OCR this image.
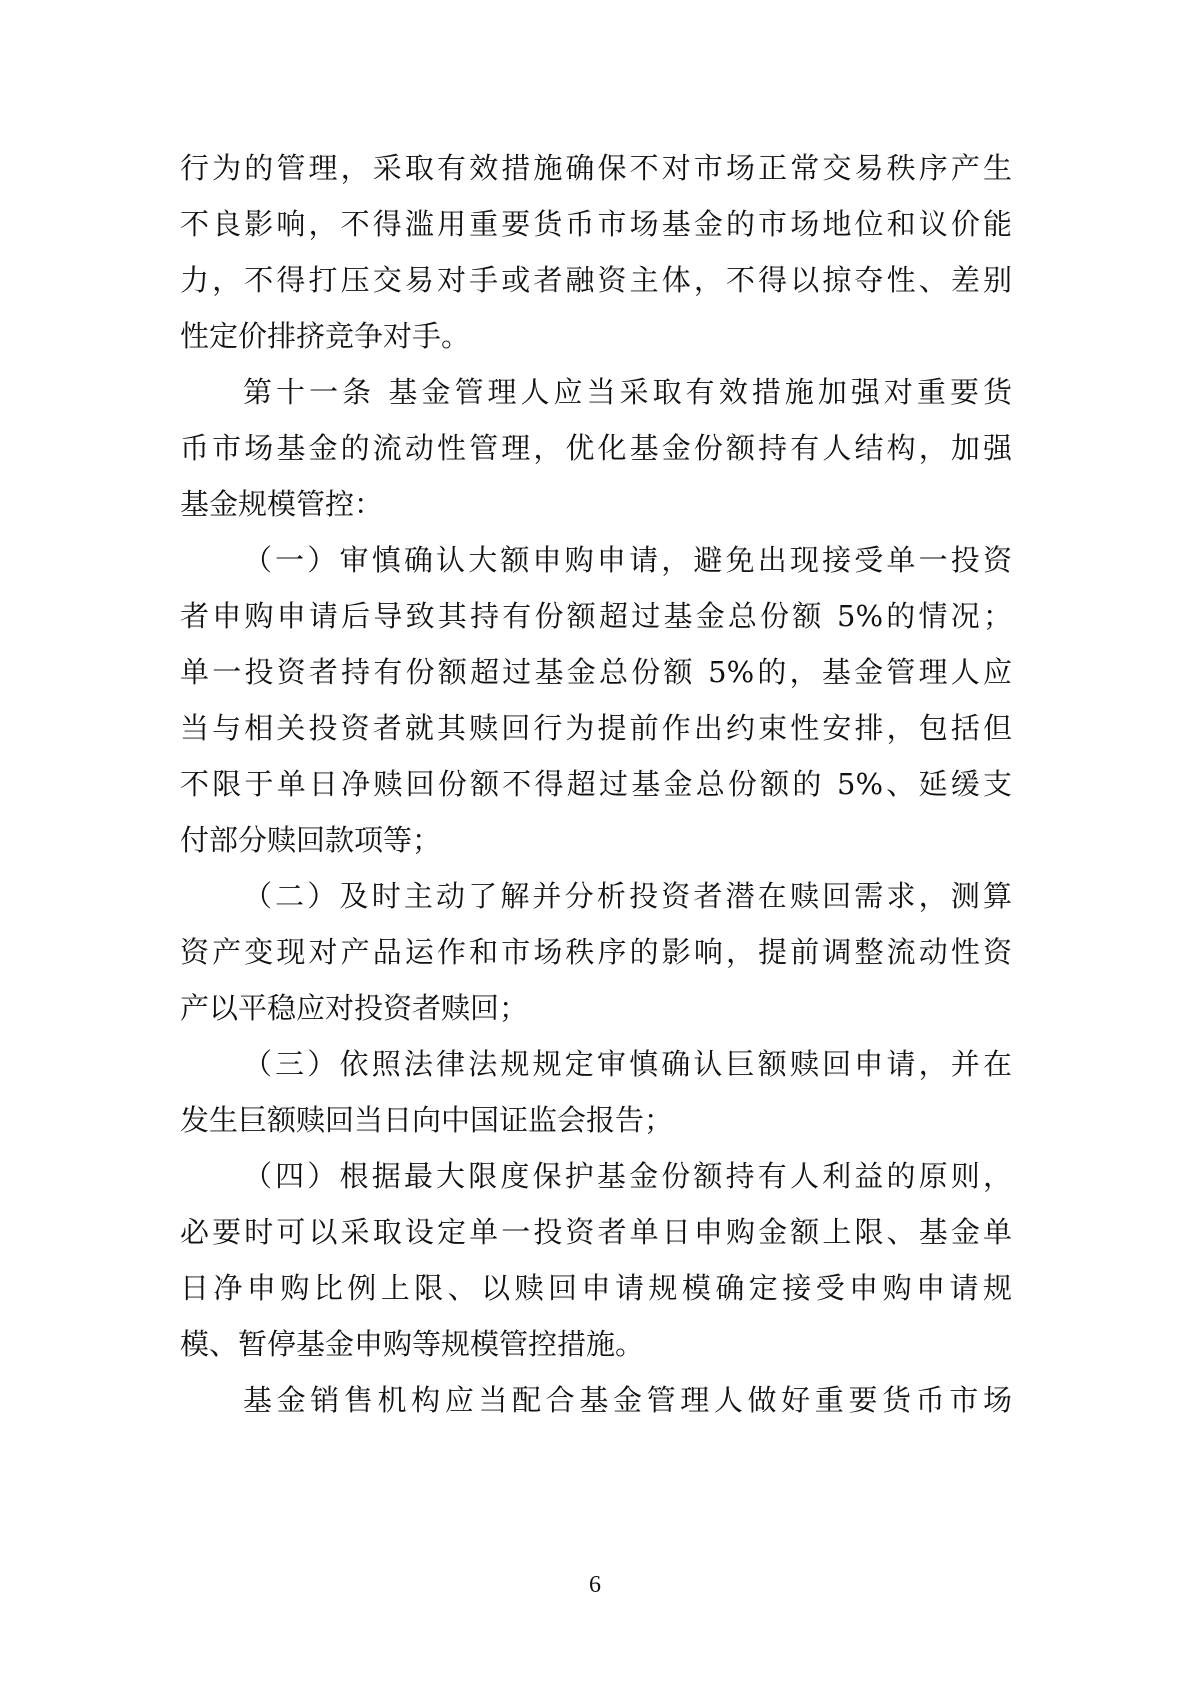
行为的管理，采取有效措施确保不对市场正常交易秩序产生
不良影响，不得滥用重要货币市场基金的市场地位和议价能
力，不得打压交易对手或者融资主体，不得以掠夺性、差别
性定价排挤竞争对手。
第十一条 基金管理人应当采取有效措施加强对重要货
币市场基金的流动性管理，优化基金份额持有人结构，加强
基金规模管控：
（一）审慎确认大额申购申请，避免出现接受单一投资
者申购申请后导致其持有份额超过基金总份额 5%的情况；
单一投资者持有份额超过基金总份额 5%的，基金管理人应
当与相关投资者就其赎回行为提前作出约束性安排，包括但
不限于单日净赎回份额不得超过基金总份额的 5%、延缓支
付部分赎回款项等；
（二）及时主动了解并分析投资者潜在赎回需求，测算
资产变现对产品运作和市场秩序的影响，提前调整流动性资
产以平稳应对投资者赎回；
（三）依照法律法规规定审慎确认巨额赎回申请，并在
发生巨额赎回当日向中国证监会报告；
（四）根据最大限度保护基金份额持有人利益的原则，
必要时可以采取设定单一投资者单日申购金额上限、基金单
日净申购比例上限、以赎回申请规模确定接受申购申请规
模、暂停基金申购等规模管控措施。
基金销售机构应当配合基金管理人做好重要货币市场
6
